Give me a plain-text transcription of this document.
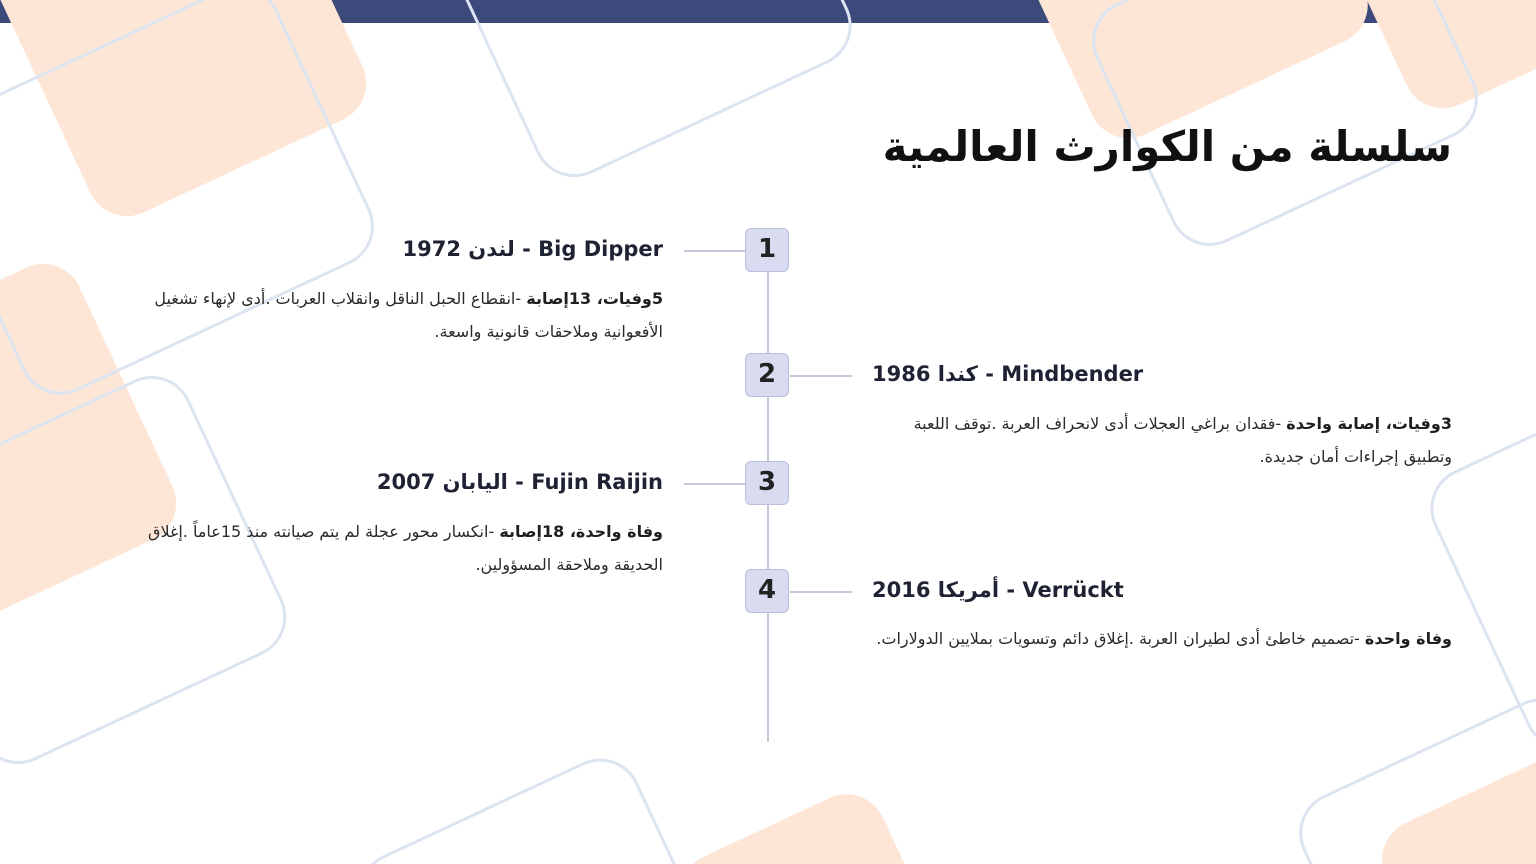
سلسلة من الكوارث العالمية
1
لندن 1972 - Big Dipper

5وفيات، 13إصابة -انقطاع الحبل الناقل وانقلاب العربات .أدى لإنهاء تشغيل الأفعوانية وملاحقات قانونية واسعة.

2	كندا 1986 - Mindbender

3وفيات، إصابة واحدة -فقدان براغي العجلات أدى لانحراف العربة .توقف اللعبة وتطبيق إجراءات أمان جديدة.

3
اليابان 2007 - Fujin Raijin

وفاة واحدة، 18إصابة -انكسار محور عجلة لم يتم صيانته منذ 15عاماً .إغلاق الحديقة وملاحقة المسؤولين.

4	أمريكا 2016 - Verrückt

وفاة واحدة -تصميم خاطئ أدى لطيران العربة .إغلاق دائم وتسويات بملايين الدولارات.
